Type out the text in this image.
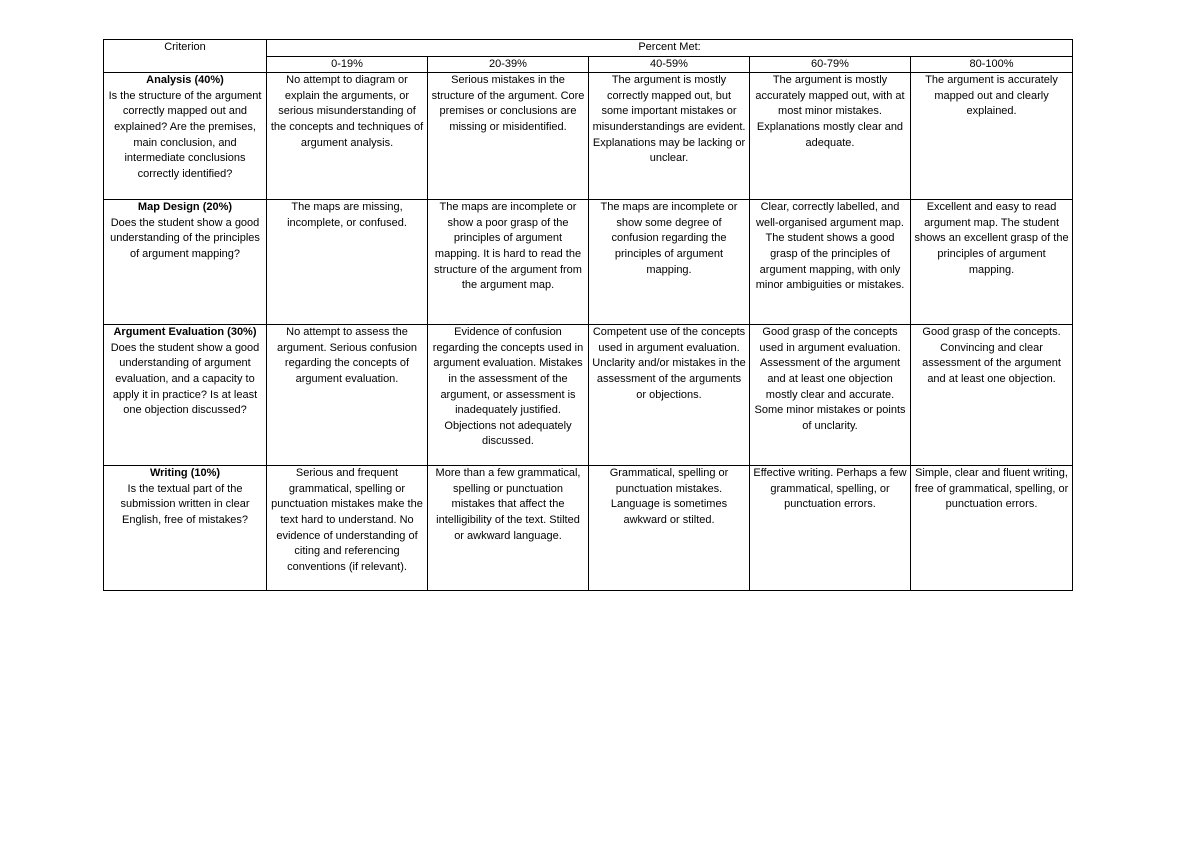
Criterion	Percent Met:				
	0-19%	20-39%	40-59%	60-79%	80-100%

Analysis (40%)
Is the structure of the argument correctly mapped out and explained? Are the premises, main conclusion, and intermediate conclusions correctly identified?	No attempt to diagram or explain the arguments, or serious misunderstanding of the concepts and techniques of argument analysis.	Serious mistakes in the structure of the argument. Core premises or conclusions are missing or misidentified.	The argument is mostly correctly mapped out, but some important mistakes or misunderstandings are evident. Explanations may be lacking or unclear.	The argument is mostly accurately mapped out, with at most minor mistakes. Explanations mostly clear and adequate.	The argument is accurately mapped out and clearly explained.

Map Design (20%)
Does the student show a good understanding of the principles of argument mapping?	The maps are missing, incomplete, or confused.	The maps are incomplete or show a poor grasp of the principles of argument mapping. It is hard to read the structure of the argument from the argument map.	The maps are incomplete or show some degree of confusion regarding the principles of argument mapping.	Clear, correctly labelled, and well-organised argument map. The student shows a good grasp of the principles of argument mapping, with only minor ambiguities or mistakes.	Excellent and easy to read argument map. The student shows an excellent grasp of the principles of argument mapping.

Argument Evaluation (30%)
Does the student show a good understanding of argument evaluation, and a capacity to apply it in practice? Is at least one objection discussed?	No attempt to assess the argument. Serious confusion regarding the concepts of argument evaluation.	Evidence of confusion regarding the concepts used in argument evaluation. Mistakes in the assessment of the argument, or assessment is inadequately justified. Objections not adequately discussed.	Competent use of the concepts used in argument evaluation. Unclarity and/or mistakes in the assessment of the arguments or objections.	Good grasp of the concepts used in argument evaluation. Assessment of the argument and at least one objection mostly clear and accurate. Some minor mistakes or points of unclarity.	Good grasp of the concepts. Convincing and clear assessment of the argument and at least one objection.

Writing (10%)
Is the textual part of the submission written in clear English, free of mistakes?	Serious and frequent grammatical, spelling or punctuation mistakes make the text hard to understand. No evidence of understanding of citing and referencing conventions (if relevant).	More than a few grammatical, spelling or punctuation mistakes that affect the intelligibility of the text. Stilted or awkward language.	Grammatical, spelling or punctuation mistakes. Language is sometimes awkward or stilted.	Effective writing. Perhaps a few grammatical, spelling, or punctuation errors.	Simple, clear and fluent writing, free of grammatical, spelling, or punctuation errors.
